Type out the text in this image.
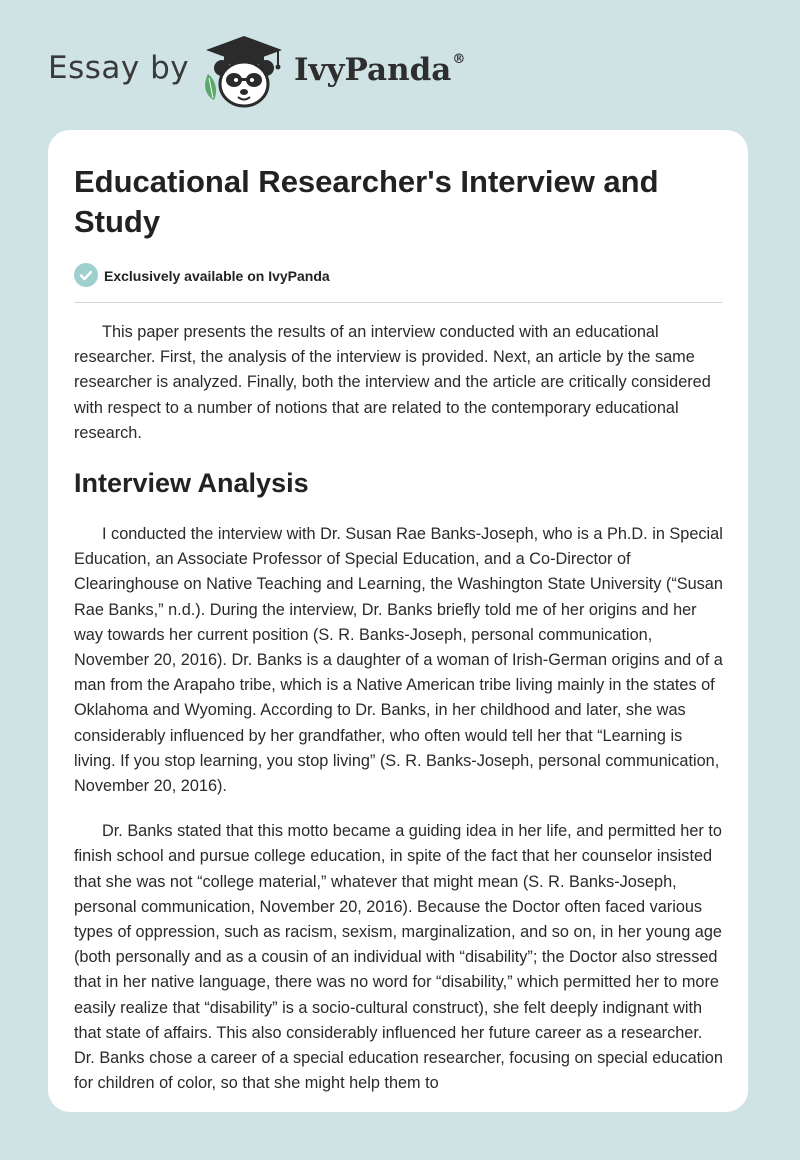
Essay by	IvyPanda®
Educational Researcher's Interview and Study
Exclusively available on IvyPanda

This paper presents the results of an interview conducted with an educational researcher. First, the analysis of the interview is provided. Next, an article by the same researcher is analyzed. Finally, both the interview and the article are critically considered with respect to a number of notions that are related to the contemporary educational research.

Interview Analysis

I conducted the interview with Dr. Susan Rae Banks-Joseph, who is a Ph.D. in Special Education, an Associate Professor of Special Education, and a Co-Director of Clearinghouse on Native Teaching and Learning, the Washington State University (“Susan Rae Banks,” n.d.). During the interview, Dr. Banks briefly told me of her origins and her way towards her current position (S. R. Banks-Joseph, personal communication, November 20, 2016). Dr. Banks is a daughter of a woman of Irish-German origins and of a man from the Arapaho tribe, which is a Native American tribe living mainly in the states of Oklahoma and Wyoming. According to Dr. Banks, in her childhood and later, she was considerably influenced by her grandfather, who often would tell her that “Learning is living. If you stop learning, you stop living” (S. R. Banks-Joseph, personal communication, November 20, 2016).

Dr. Banks stated that this motto became a guiding idea in her life, and permitted her to finish school and pursue college education, in spite of the fact that her counselor insisted that she was not “college material,” whatever that might mean (S. R. Banks-Joseph, personal communication, November 20, 2016). Because the Doctor often faced various types of oppression, such as racism, sexism, marginalization, and so on, in her young age (both personally and as a cousin of an individual with “disability”; the Doctor also stressed that in her native language, there was no word for “disability,” which permitted her to more easily realize that “disability” is a socio-cultural construct), she felt deeply indignant with that state of affairs. This also considerably influenced her future career as a researcher. Dr. Banks chose a career of a special education researcher, focusing on special education for children of color, so that she might help them to
